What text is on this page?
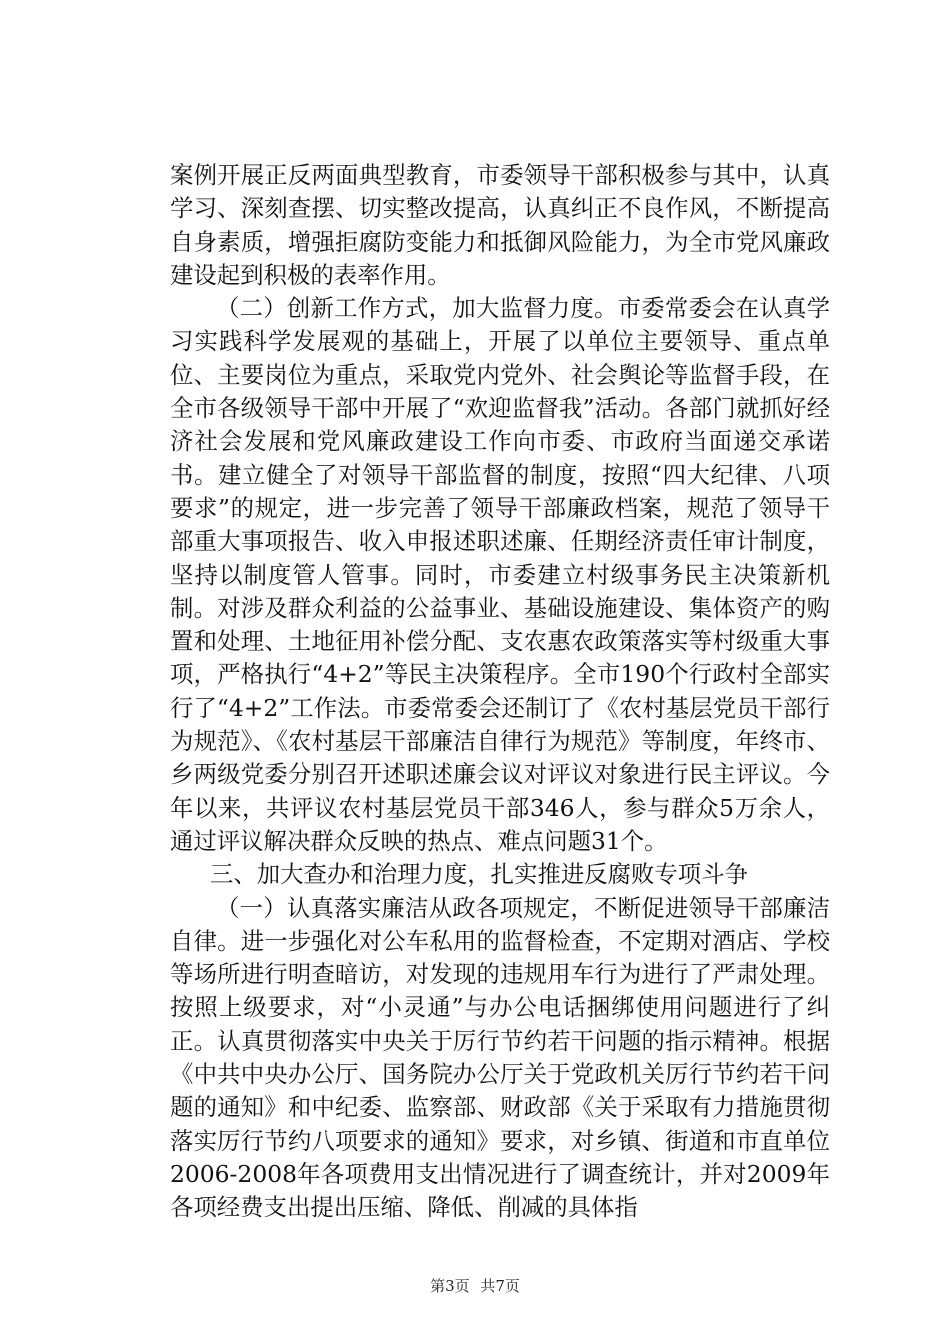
案例开展正反两面典型教育，市委领导干部积极参与其中，认真学习、深刻查摆、切实整改提高，认真纠正不良作风，不断提高自身素质，增强拒腐防变能力和抵御风险能力，为全市党风廉政建设起到积极的表率作用。

（二）创新工作方式，加大监督力度。市委常委会在认真学习实践科学发展观的基础上，开展了以单位主要领导、重点单位、主要岗位为重点，采取党内党外、社会舆论等监督手段，在全市各级领导干部中开展了“欢迎监督我”活动。各部门就抓好经济社会发展和党风廉政建设工作向市委、市政府当面递交承诺书。建立健全了对领导干部监督的制度，按照“四大纪律、八项要求”的规定，进一步完善了领导干部廉政档案，规范了领导干部重大事项报告、收入申报述职述廉、任期经济责任审计制度，坚持以制度管人管事。同时，市委建立村级事务民主决策新机制。对涉及群众利益的公益事业、基础设施建设、集体资产的购置和处理、土地征用补偿分配、支农惠农政策落实等村级重大事项，严格执行“4+2”等民主决策程序。全市190个行政村全部实行了“4+2”工作法。市委常委会还制订了《农村基层党员干部行为规范》、《农村基层干部廉洁自律行为规范》等制度，年终市、乡两级党委分别召开述职述廉会议对评议对象进行民主评议。今年以来，共评议农村基层党员干部346人，参与群众5万余人，通过评议解决群众反映的热点、难点问题31个。

三、加大查办和治理力度，扎实推进反腐败专项斗争

（一）认真落实廉洁从政各项规定，不断促进领导干部廉洁自律。进一步强化对公车私用的监督检查，不定期对酒店、学校等场所进行明查暗访，对发现的违规用车行为进行了严肃处理。按照上级要求，对“小灵通”与办公电话捆绑使用问题进行了纠正。认真贯彻落实中央关于厉行节约若干问题的指示精神。根据《中共中央办公厅、国务院办公厅关于党政机关厉行节约若干问题的通知》和中纪委、监察部、财政部《关于采取有力措施贯彻落实厉行节约八项要求的通知》要求，对乡镇、街道和市直单位2006-2008年各项费用支出情况进行了调查统计，并对2009年各项经费支出提出压缩、降低、削减的具体指

第3页 共7页
